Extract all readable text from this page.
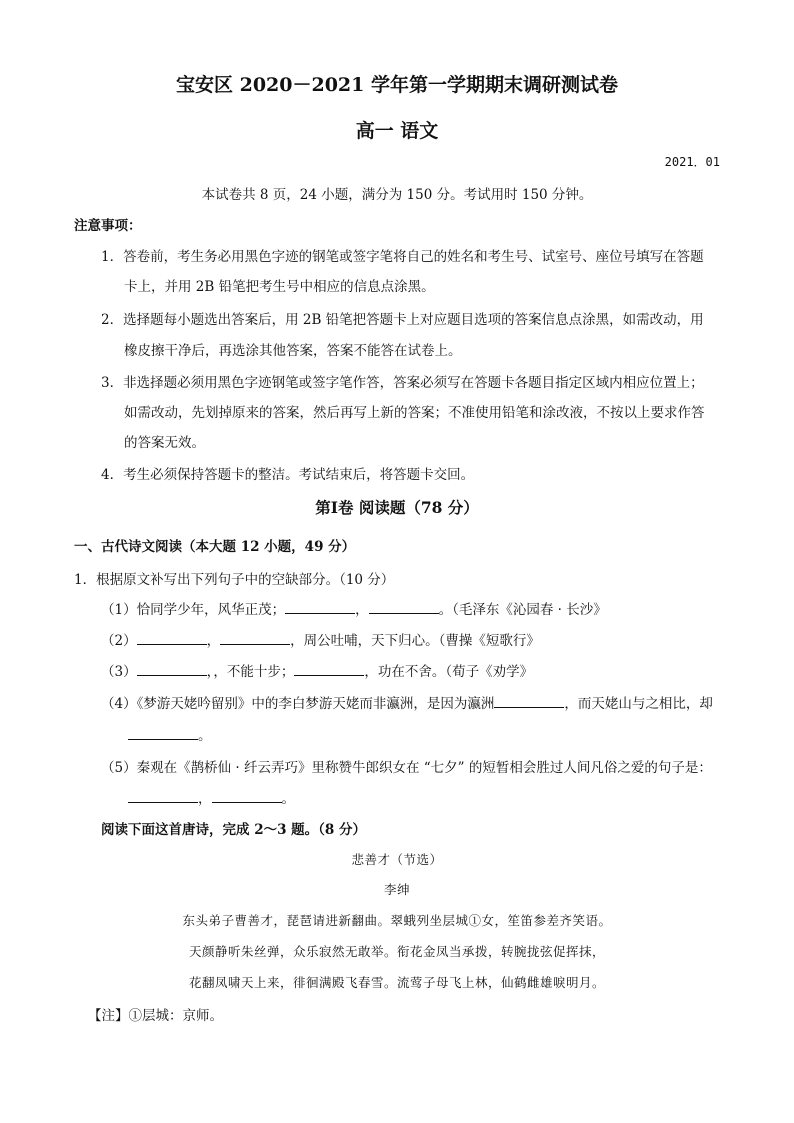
宝安区 2020－2021 学年第一学期期末调研测试卷
高一 语文
2021．01
本试卷共 8 页，24 小题，满分为 150 分。考试用时 150 分钟。
注意事项：
1．答卷前，考生务必用黑色字迹的钢笔或签字笔将自己的姓名和考生号、试室号、座位号填写在答题
卡上，并用 2B 铅笔把考生号中相应的信息点涂黑。
2．选择题每小题选出答案后，用 2B 铅笔把答题卡上对应题目选项的答案信息点涂黑，如需改动，用
橡皮擦干净后，再选涂其他答案，答案不能答在试卷上。
3．非选择题必须用黑色字迹钢笔或签字笔作答，答案必须写在答题卡各题目指定区域内相应位置上；
如需改动，先划掉原来的答案，然后再写上新的答案；不准使用铅笔和涂改液，不按以上要求作答
的答案无效。
4．考生必须保持答题卡的整洁。考试结束后，将答题卡交回。
第Ⅰ卷 阅读题（78 分）
一、古代诗文阅读（本大题 12 小题，49 分）
1．根据原文补写出下列句子中的空缺部分。（10 分）
（1）恰同学少年，风华正茂；	，	。（毛泽东《沁园春 · 长沙》
（2）	，	，周公吐哺，天下归心。（曹操《短歌行》
（3）	，，不能十步；	，功在不舍。（荀子《劝学》
（4）《梦游天姥吟留别》中的李白梦游天姥而非瀛洲，是因为瀛洲	，而天姥山与之相比，却
。
（5）秦观在《鹊桥仙 · 纤云弄巧》里称赞牛郎织女在 “七夕” 的短暂相会胜过人间凡俗之爱的句子是：
，	。
阅读下面这首唐诗，完成 2～3 题。（8 分）
悲善才（节选）
李绅
东头弟子曹善才，琵琶请进新翻曲。翠蛾列坐层城①女，笙笛参差齐笑语。
天颜静听朱丝弹，众乐寂然无敢举。衔花金凤当承拨，转腕拢弦促挥抹，
花翻凤啸天上来，徘徊满殿飞春雪。流莺子母飞上林，仙鹤雌雄唳明月。
【注】①层城：京师。
